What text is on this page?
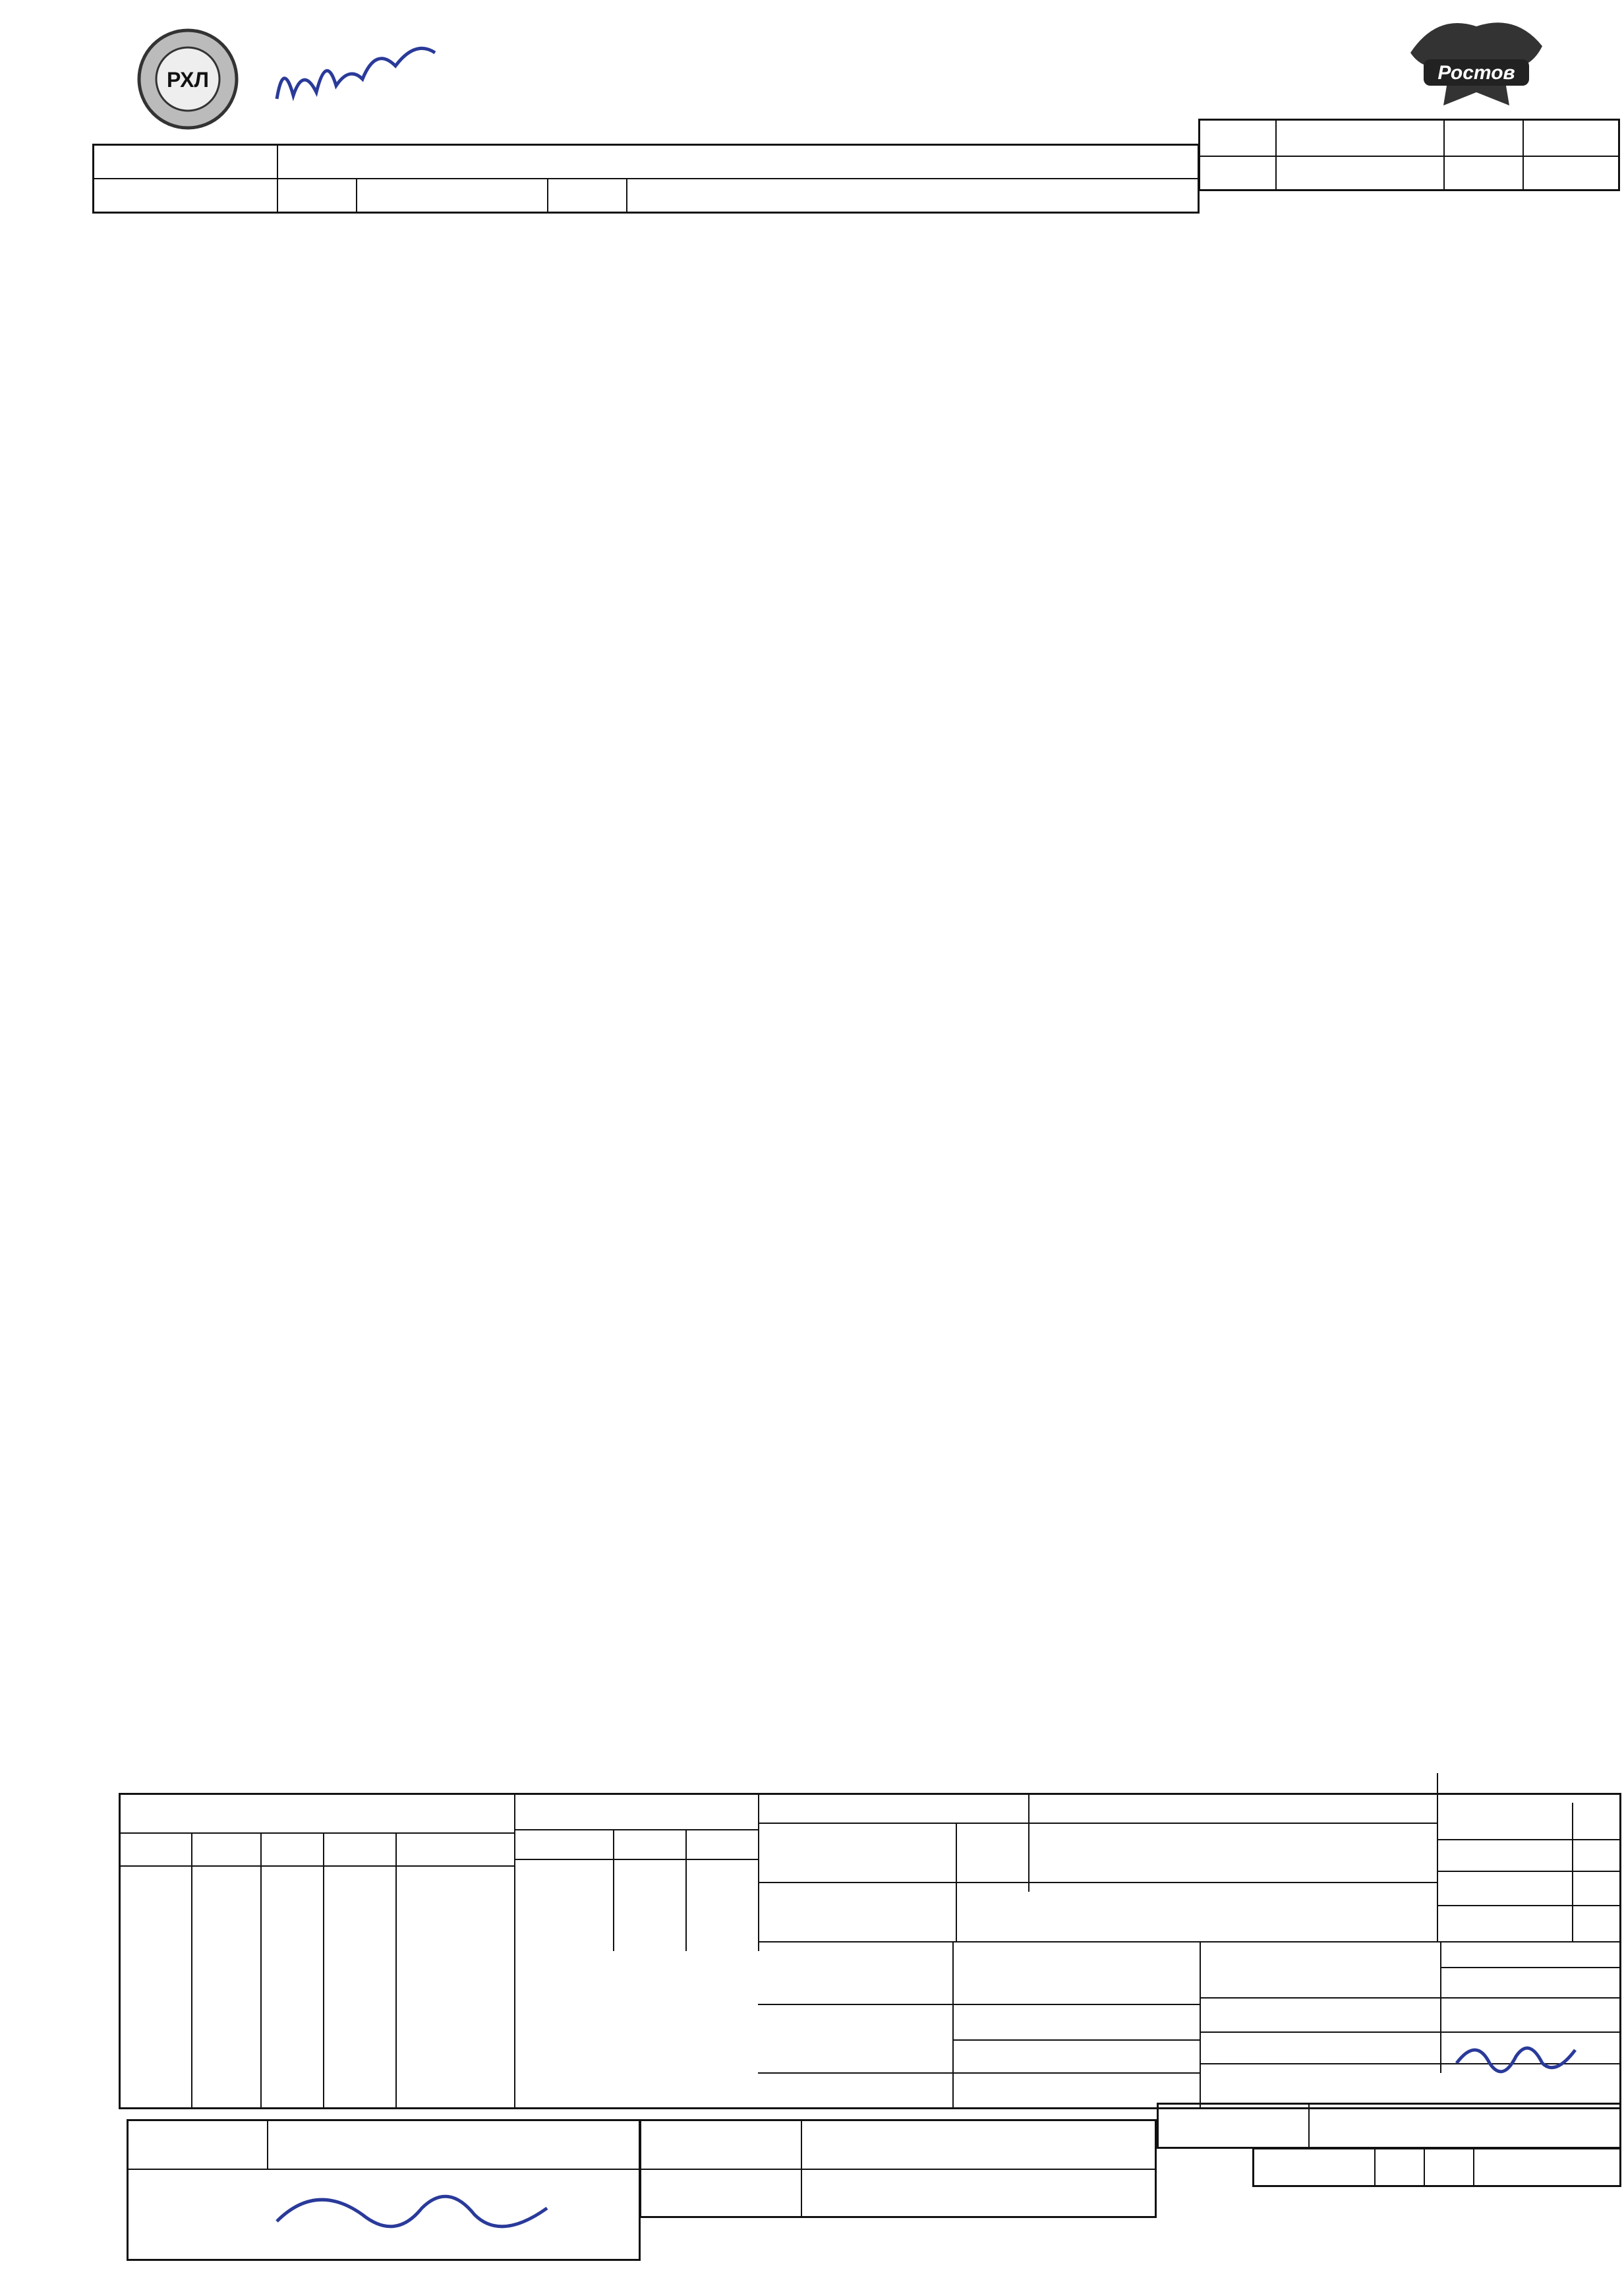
РХЛ	Ростов
